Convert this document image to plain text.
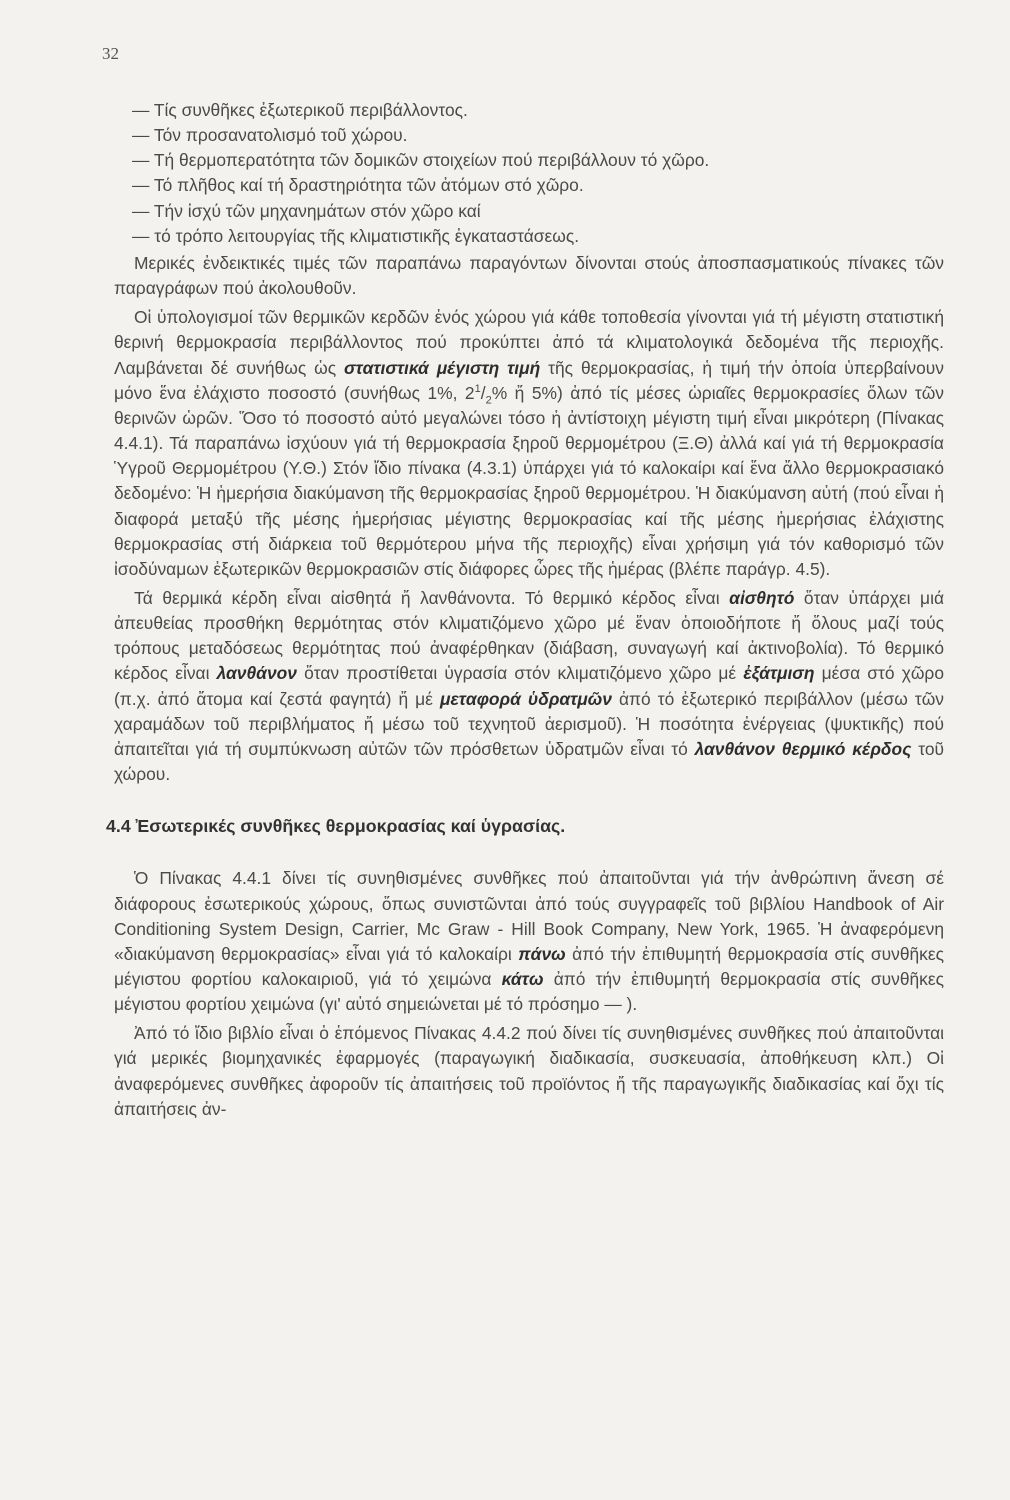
32
— Τίς συνθῆκες ἐξωτερικοῦ περιβάλλοντος.
— Τόν προσανατολισμό τοῦ χώρου.
— Τή θερμοπερατότητα τῶν δομικῶν στοιχείων πού περιβάλλουν τό χῶρο.
— Τό πλῆθος καί τή δραστηριότητα τῶν ἀτόμων στό χῶρο.
— Τήν ἰσχύ τῶν μηχανημάτων στόν χῶρο καί
— τό τρόπο λειτουργίας τῆς κλιματιστικῆς ἐγκαταστάσεως.

Μερικές ἐνδεικτικές τιμές τῶν παραπάνω παραγόντων δίνονται στούς ἀποσπασματικούς πίνακες τῶν παραγράφων πού ἀκολουθοῦν.

Οἱ ὑπολογισμοί τῶν θερμικῶν κερδῶν ἑνός χώρου γιά κάθε τοποθεσία γίνονται γιά τή μέγιστη στατιστική θερινή θερμοκρασία περιβάλλοντος πού προκύπτει ἀπό τά κλιματολογικά δεδομένα τῆς περιοχῆς. Λαμβάνεται δέ συνήθως ὡς στατιστικά μέγιστη τιμή τῆς θερμοκρασίας, ἡ τιμή τήν ὁποία ὑπερβαίνουν μόνο ἕνα ἐλάχιστο ποσοστό (συνήθως 1%, $2^1/_2\%$ ἤ 5%) ἀπό τίς μέσες ὡριαῖες θερμοκρασίες ὅλων τῶν θερινῶν ὡρῶν. Ὅσο τό ποσοστό αὐτό μεγαλώνει τόσο ἡ ἀντίστοιχη μέγιστη τιμή εἶναι μικρότερη (Πίνακας 4.4.1). Τά παραπάνω ἰσχύουν γιά τή θερμοκρασία ξηροῦ θερμομέτρου (Ξ.Θ) ἀλλά καί γιά τή θερμοκρασία Ὑγροῦ Θερμομέτρου (Υ.Θ.) Στόν ἴδιο πίνακα (4.3.1) ὑπάρχει γιά τό καλοκαίρι καί ἕνα ἄλλο θερμοκρασιακό δεδομένο: Ἡ ἡμερήσια διακύμανση τῆς θερμοκρασίας ξηροῦ θερμομέτρου. Ἡ διακύμανση αὐτή (πού εἶναι ἡ διαφορά μεταξύ τῆς μέσης ἡμερήσιας μέγιστης θερμοκρασίας καί τῆς μέσης ἡμερήσιας ἐλάχιστης θερμοκρασίας στή διάρκεια τοῦ θερμότερου μήνα τῆς περιοχῆς) εἶναι χρήσιμη γιά τόν καθορισμό τῶν ἰσοδύναμων ἐξωτερικῶν θερμοκρασιῶν στίς διάφορες ὧρες τῆς ἡμέρας (βλέπε παράγρ. 4.5).

Τά θερμικά κέρδη εἶναι αἰσθητά ἤ λανθάνοντα. Τό θερμικό κέρδος εἶναι αἰσθητό ὅταν ὑπάρχει μιά ἀπευθείας προσθήκη θερμότητας στόν κλιματιζόμενο χῶρο μέ ἕναν ὁποιοδήποτε ἤ ὅλους μαζί τούς τρόπους μεταδόσεως θερμότητας πού ἀναφέρθηκαν (διάβαση, συναγωγή καί ἀκτινοβολία). Τό θερμικό κέρδος εἶναι λανθάνον ὅταν προστίθεται ὑγρασία στόν κλιματιζόμενο χῶρο μέ ἐξάτμιση μέσα στό χῶρο (π.χ. ἀπό ἄτομα καί ζεστά φαγητά) ἤ μέ μεταφορά ὑδρατμῶν ἀπό τό ἐξωτερικό περιβάλλον (μέσω τῶν χαραμάδων τοῦ περιβλήματος ἤ μέσω τοῦ τεχνητοῦ ἀερισμοῦ). Ἡ ποσότητα ἐνέργειας (ψυκτικῆς) πού ἀπαιτεῖται γιά τή συμπύκνωση αὐτῶν τῶν πρόσθετων ὑδρατμῶν εἶναι τό λανθάνον θερμικό κέρδος τοῦ χώρου.

4.4 Ἐσωτερικές συνθῆκες θερμοκρασίας καί ὑγρασίας.

Ὁ Πίνακας 4.4.1 δίνει τίς συνηθισμένες συνθῆκες πού ἀπαιτοῦνται γιά τήν ἀνθρώπινη ἄνεση σέ διάφορους ἐσωτερικούς χώρους, ὅπως συνιστῶνται ἀπό τούς συγγραφεῖς τοῦ βιβλίου Handbook of Air Conditioning System Design, Carrier, Mc Graw - Hill Book Company, New York, 1965. Ἡ ἀναφερόμενη «διακύμανση θερμοκρασίας» εἶναι γιά τό καλοκαίρι πάνω ἀπό τήν ἐπιθυμητή θερμοκρασία στίς συνθῆκες μέγιστου φορτίου καλοκαιριοῦ, γιά τό χειμώνα κάτω ἀπό τήν ἐπιθυμητή θερμοκρασία στίς συνθῆκες μέγιστου φορτίου χειμώνα (γι' αὐτό σημειώνεται μέ τό πρόσημο — ).

Ἀπό τό ἴδιο βιβλίο εἶναι ὁ ἑπόμενος Πίνακας 4.4.2 πού δίνει τίς συνηθισμένες συνθῆκες πού ἀπαιτοῦνται γιά μερικές βιομηχανικές ἐφαρμογές (παραγωγική διαδικασία, συσκευασία, ἀποθήκευση κλπ.) Οἱ ἀναφερόμενες συνθῆκες ἀφοροῦν τίς ἀπαιτήσεις τοῦ προϊόντος ἤ τῆς παραγωγικῆς διαδικασίας καί ὄχι τίς ἀπαιτήσεις ἀν-
